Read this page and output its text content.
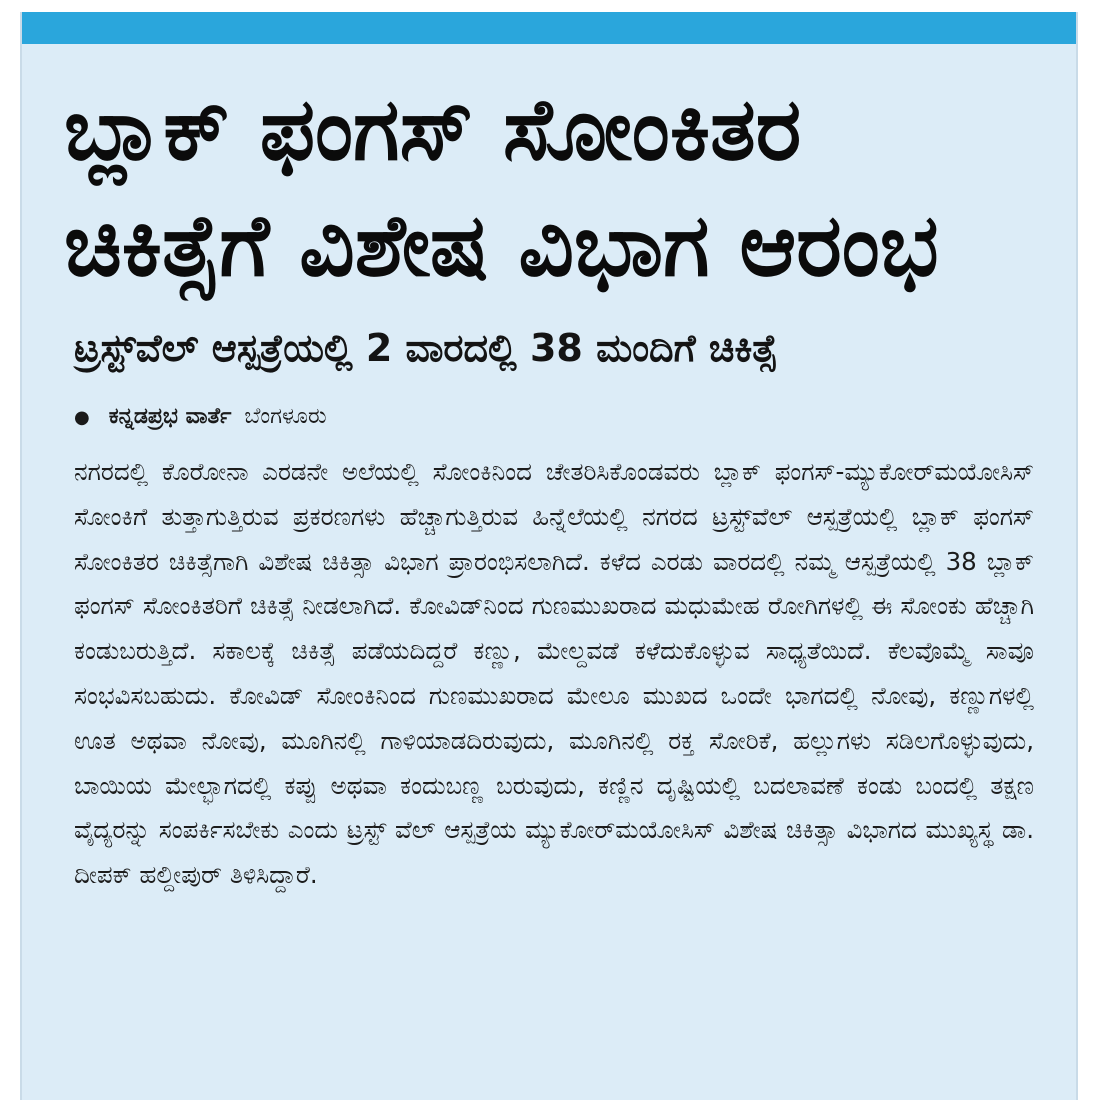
ಬ್ಲಾಕ್ ಫಂಗಸ್ ಸೋಂಕಿತರ
ಚಿಕಿತ್ಸೆಗೆ ವಿಶೇಷ ವಿಭಾಗ ಆರಂಭ
ಟ್ರಸ್ಟ್‌ವೆಲ್ ಆಸ್ಪತ್ರೆಯಲ್ಲಿ 2 ವಾರದಲ್ಲಿ 38 ಮಂದಿಗೆ ಚಿಕಿತ್ಸೆ
● ಕನ್ನಡಪ್ರಭ ವಾರ್ತೆ ಬೆಂಗಳೂರು

ನಗರದಲ್ಲಿ ಕೊರೋನಾ ಎರಡನೇ ಅಲೆಯಲ್ಲಿ ಸೋಂಕಿನಿಂದ ಚೇತರಿಸಿಕೊಂಡವರು ಬ್ಲಾಕ್ ಫಂಗಸ್-ಮ್ಯುಕೋರ್‌ಮಯೋಸಿಸ್ ಸೋಂಕಿಗೆ ತುತ್ತಾಗುತ್ತಿರುವ ಪ್ರಕರಣಗಳು ಹೆಚ್ಚಾಗುತ್ತಿರುವ ಹಿನ್ನೆಲೆಯಲ್ಲಿ ನಗರದ ಟ್ರಸ್ಟ್‌ವೆಲ್ ಆಸ್ಪತ್ರೆಯಲ್ಲಿ ಬ್ಲಾಕ್ ಫಂಗಸ್ ಸೋಂಕಿತರ ಚಿಕಿತ್ಸೆಗಾಗಿ ವಿಶೇಷ ಚಿಕಿತ್ಸಾ ವಿಭಾಗ ಪ್ರಾರಂಭಿಸಲಾಗಿದೆ. ಕಳೆದ ಎರಡು ವಾರದಲ್ಲಿ ನಮ್ಮ ಆಸ್ಪತ್ರೆಯಲ್ಲಿ 38 ಬ್ಲಾಕ್ ಫಂಗಸ್ ಸೋಂಕಿತರಿಗೆ ಚಿಕಿತ್ಸೆ ನೀಡಲಾಗಿದೆ. ಕೋವಿಡ್‌ನಿಂದ ಗುಣಮುಖರಾದ ಮಧುಮೇಹ ರೋಗಿಗಳಲ್ಲಿ ಈ ಸೋಂಕು ಹೆಚ್ಚಾಗಿ ಕಂಡುಬರುತ್ತಿದೆ. ಸಕಾಲಕ್ಕೆ ಚಿಕಿತ್ಸೆ ಪಡೆಯದಿದ್ದರೆ ಕಣ್ಣು, ಮೇಲ್ದವಡೆ ಕಳೆದುಕೊಳ್ಳುವ ಸಾಧ್ಯತೆಯಿದೆ. ಕೆಲವೊಮ್ಮೆ ಸಾವೂ ಸಂಭವಿಸಬಹುದು. ಕೋವಿಡ್ ಸೋಂಕಿನಿಂದ ಗುಣಮುಖರಾದ ಮೇಲೂ ಮುಖದ ಒಂದೇ ಭಾಗದಲ್ಲಿ ನೋವು, ಕಣ್ಣುಗಳಲ್ಲಿ ಊತ ಅಥವಾ ನೋವು, ಮೂಗಿನಲ್ಲಿ ಗಾಳಿಯಾಡದಿರುವುದು, ಮೂಗಿನಲ್ಲಿ ರಕ್ತ ಸೋರಿಕೆ, ಹಲ್ಲುಗಳು ಸಡಿಲಗೊಳ್ಳುವುದು, ಬಾಯಿಯ ಮೇಲ್ಭಾಗದಲ್ಲಿ ಕಪ್ಪು ಅಥವಾ ಕಂದುಬಣ್ಣ ಬರುವುದು, ಕಣ್ಣಿನ ದೃಷ್ಟಿಯಲ್ಲಿ ಬದಲಾವಣೆ ಕಂಡು ಬಂದಲ್ಲಿ ತಕ್ಷಣ ವೈದ್ಯರನ್ನು ಸಂಪರ್ಕಿಸಬೇಕು ಎಂದು ಟ್ರಸ್ಟ್ ವೆಲ್ ಆಸ್ಪತ್ರೆಯ ಮ್ಯುಕೋರ್‌ಮಯೋಸಿಸ್ ವಿಶೇಷ ಚಿಕಿತ್ಸಾ ವಿಭಾಗದ ಮುಖ್ಯಸ್ಥ ಡಾ. ದೀಪಕ್ ಹಲ್ದೀಪುರ್ ತಿಳಿಸಿದ್ದಾರೆ.
